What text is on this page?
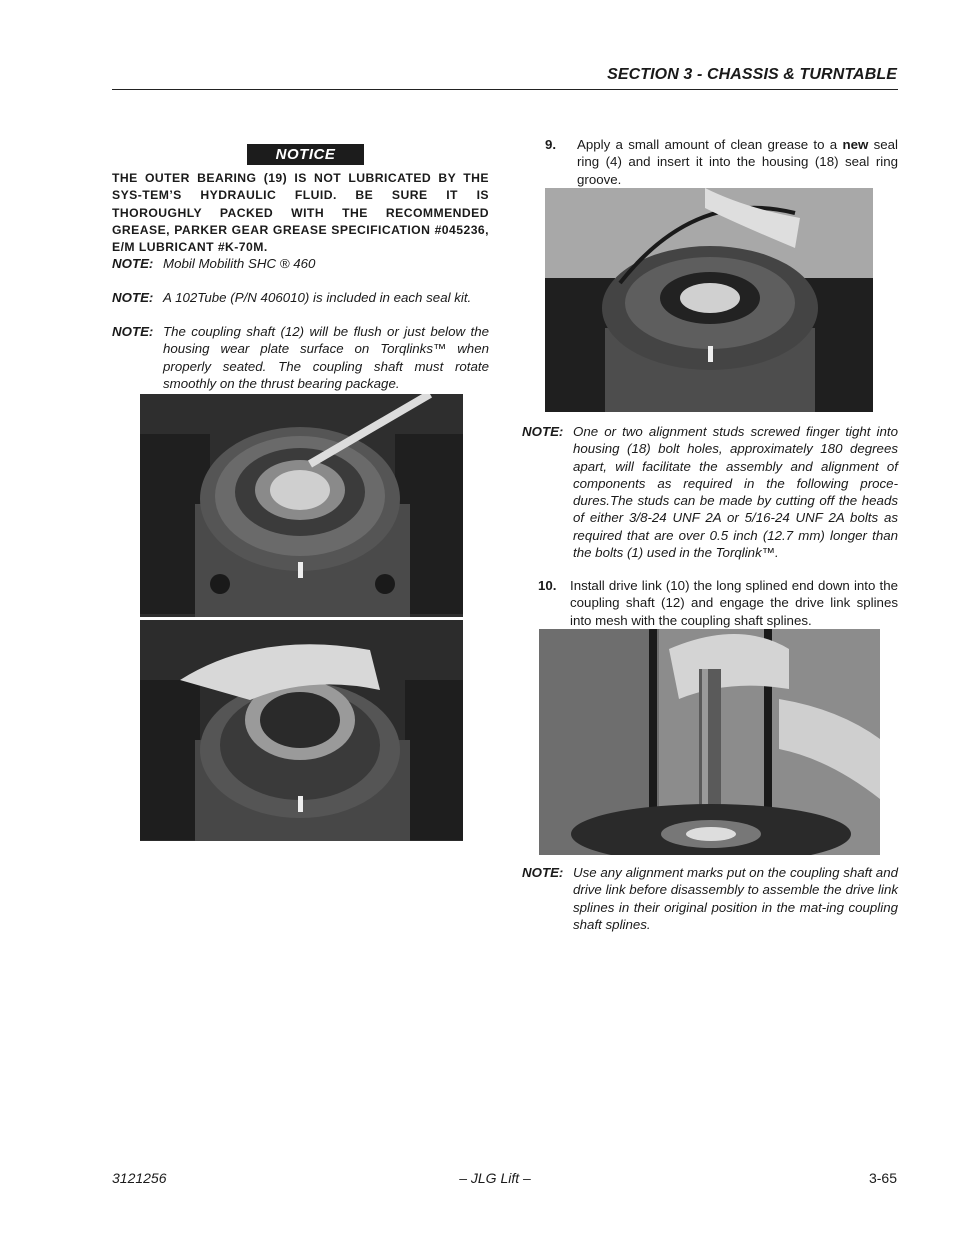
SECTION 3 - CHASSIS & TURNTABLE
NOTICE
THE OUTER BEARING (19) IS NOT LUBRICATED BY THE SYS-TEM’S HYDRAULIC FLUID. BE SURE IT IS THOROUGHLY PACKED WITH THE RECOMMENDED GREASE, PARKER GEAR GREASE SPECIFICATION #045236, E/M LUBRICANT #K-70M.
NOTE: Mobil Mobilith SHC ® 460
NOTE: A 102Tube (P/N 406010) is included in each seal kit.
NOTE: The coupling shaft (12) will be flush or just below the housing wear plate surface on Torqlinks™ when properly seated. The coupling shaft must rotate smoothly on the thrust bearing package.
9. Apply a small amount of clean grease to a new seal ring (4) and insert it into the housing (18) seal ring groove.
NOTE: One or two alignment studs screwed finger tight into housing (18) bolt holes, approximately 180 degrees apart, will facilitate the assembly and alignment of components as required in the following proce-dures.The studs can be made by cutting off the heads of either 3/8-24 UNF 2A or 5/16-24 UNF 2A bolts as required that are over 0.5 inch (12.7 mm) longer than the bolts (1) used in the Torqlink™.
10. Install drive link (10) the long splined end down into the coupling shaft (12) and engage the drive link splines into mesh with the coupling shaft splines.
NOTE: Use any alignment marks put on the coupling shaft and drive link before disassembly to assemble the drive link splines in their original position in the mat-ing coupling shaft splines.
3121256	– JLG Lift –	3-65
